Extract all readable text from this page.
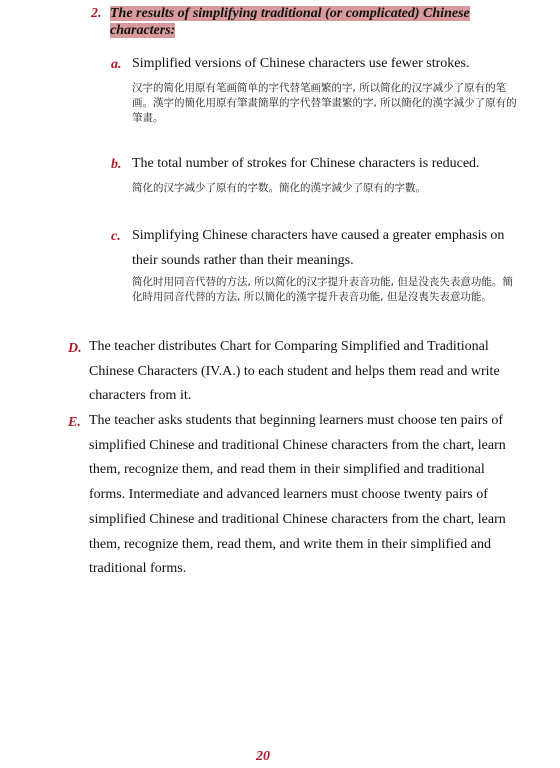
2. The results of simplifying traditional (or complicated) Chinese characters:
a. Simplified versions of Chinese characters use fewer strokes.
汉字的简化用原有笔画简单的字代替笔画繁的字, 所以简化的汉字减少了原有的笔画。漢字的簡化用原有筆畫簡單的字代替筆畫繁的字, 所以簡化的漢字減少了原有的筆畫。
b. The total number of strokes for Chinese characters is reduced.
简化的汉字减少了原有的字数。簡化的漢字減少了原有的字數。
c. Simplifying Chinese characters have caused a greater emphasis on their sounds rather than their meanings.
简化时用同音代替的方法, 所以简化的汉字提升表音功能, 但是没丧失表意功能。簡化時用同音代替的方法, 所以簡化的漢字提升表音功能, 但是沒喪失表意功能。
D. The teacher distributes Chart for Comparing Simplified and Traditional Chinese Characters (IV.A.) to each student and helps them read and write characters from it.
E. The teacher asks students that beginning learners must choose ten pairs of simplified Chinese and traditional Chinese characters from the chart, learn them, recognize them, and read them in their simplified and traditional forms. Intermediate and advanced learners must choose twenty pairs of simplified Chinese and traditional Chinese characters from the chart, learn them, recognize them, read them, and write them in their simplified and traditional forms.
20
